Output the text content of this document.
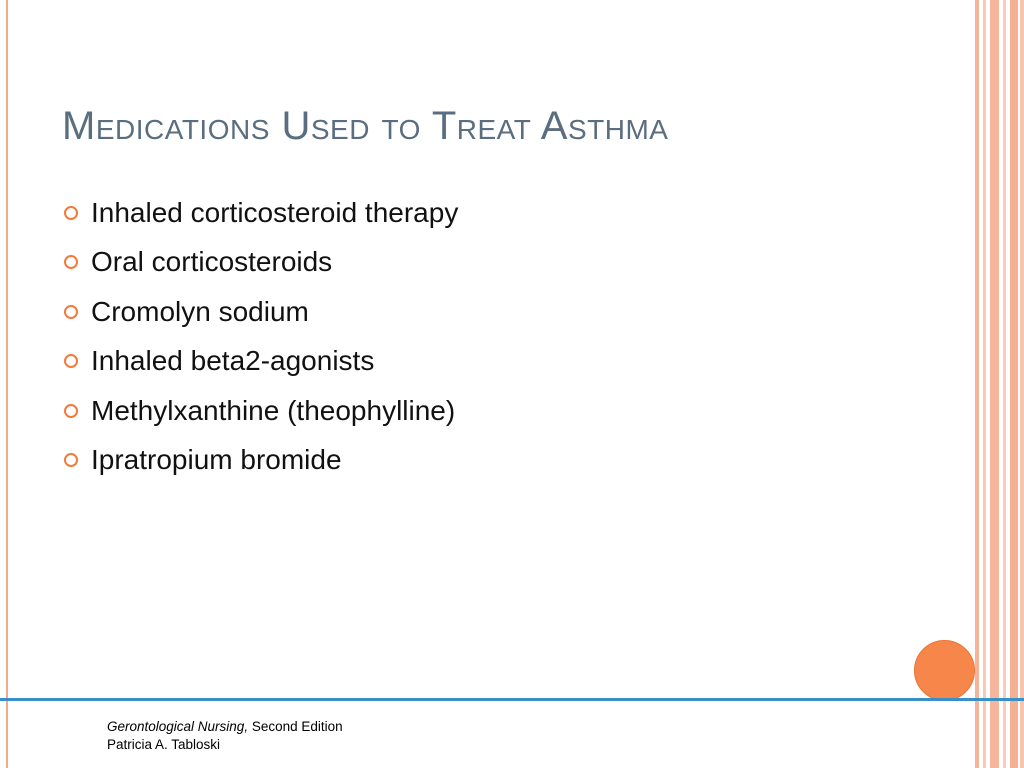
Medications Used to Treat Asthma
Inhaled corticosteroid therapy
Oral corticosteroids
Cromolyn sodium
Inhaled beta2-agonists
Methylxanthine (theophylline)
Ipratropium bromide
Gerontological Nursing, Second Edition
Patricia A. Tabloski
